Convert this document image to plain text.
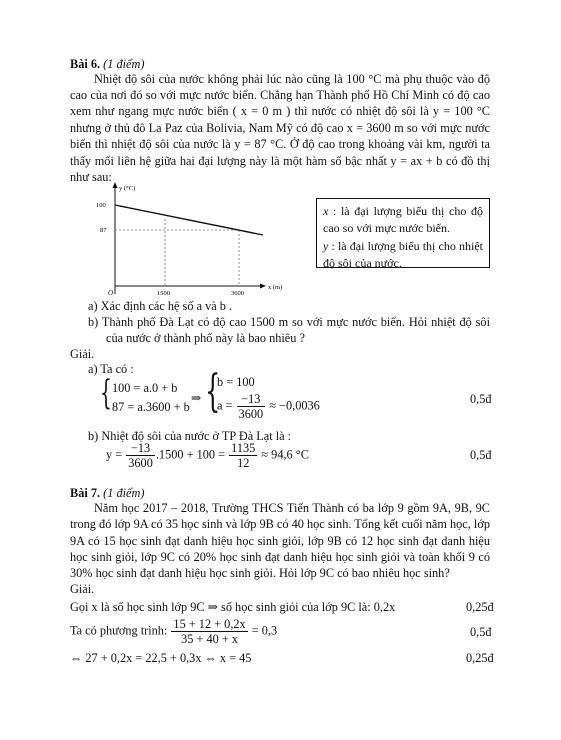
Bài 6. (1 điểm)
Nhiệt độ sôi của nước không phải lúc nào cũng là 100 °C mà phụ thuộc vào độ
cao của nơi đó so với mực nước biển. Chẳng hạn Thành phố Hồ Chí Minh có độ cao
xem như ngang mực nước biển ( x = 0 m ) thì nước có nhiệt độ sôi là y = 100 °C
nhưng ở thủ đô La Paz của Bolivia, Nam Mỹ có độ cao x = 3600 m so với mực nước
biển thì nhiệt độ sôi của nước là y = 87 °C. Ở độ cao trong khoảng vài km, người ta
thấy mối liên hệ giữa hai đại lượng này là một hàm số bậc nhất y = ax + b có đồ thị
như sau:
y (°C)
x (m)
O
100
87
1500	3600
x : là đại lượng biểu thị cho độ cao so với mực nước biển.
y : là đại lượng biểu thị cho nhiệt độ sôi của nước.
a) Xác định các hệ số a và b .
b) Thành phố Đà Lạt có độ cao 1500 m so với mực nước biển. Hỏi nhiệt độ sôi
của nước ở thành phố này là bao nhiêu ?
Giải.
a) Ta có :
{ 100 = a.0 + b
87 = a.3600 + b
⇒ {
b = 100
$a = \frac{-13}{3600} \approx -0,0036$	0,5đ
b) Nhiệt độ sôi của nước ở TP Đà Lạt là :
$y = \frac{-13}{3600} .1500 + 100 = \frac{1135}{12} \approx 94,6$ °C	0,5đ
Bài 7. (1 điểm)
Năm học 2017 – 2018, Trường THCS Tiến Thành có ba lớp 9 gồm 9A, 9B, 9C
trong đó lớp 9A có 35 học sinh và lớp 9B có 40 học sinh. Tổng kết cuối năm học, lớp
9A có 15 học sinh đạt danh hiệu học sinh giỏi, lớp 9B có 12 học sinh đạt danh hiệu
học sinh giỏi, lớp 9C có 20% học sinh đạt danh hiệu học sinh giỏi và toàn khối 9 có
30% học sinh đạt danh hiệu học sinh giỏi. Hỏi lớp 9C có bao nhiêu học sinh?
Giải.
Gọi x là số học sinh lớp 9C ⇒ số học sinh giỏi của lớp 9C là: 0,2x	0,25đ
Ta có phương trình: $\frac{15 + 12 + 0,2x}{35 + 40 + x} = 0,3$	0,5đ
⇔ 27 + 0,2x = 22,5 + 0,3x ⇔ x = 45	0,25đ
